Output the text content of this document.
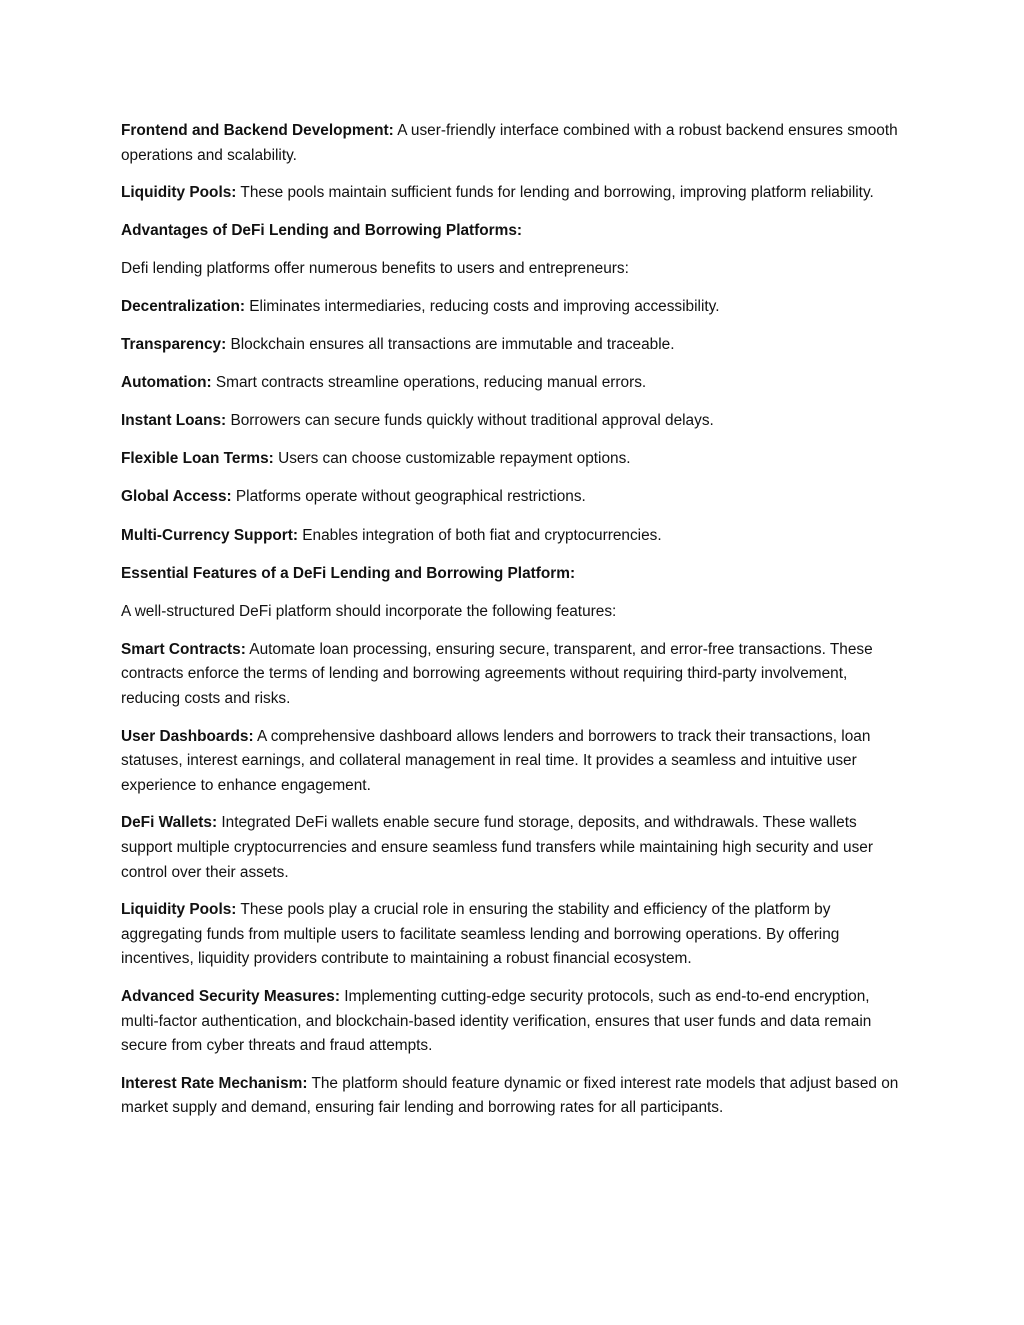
Frontend and Backend Development: A user-friendly interface combined with a robust backend ensures smooth operations and scalability.

Liquidity Pools: These pools maintain sufficient funds for lending and borrowing, improving platform reliability.

Advantages of DeFi Lending and Borrowing Platforms:

Defi lending platforms offer numerous benefits to users and entrepreneurs:

Decentralization: Eliminates intermediaries, reducing costs and improving accessibility.

Transparency: Blockchain ensures all transactions are immutable and traceable.

Automation: Smart contracts streamline operations, reducing manual errors.

Instant Loans: Borrowers can secure funds quickly without traditional approval delays.

Flexible Loan Terms: Users can choose customizable repayment options.

Global Access: Platforms operate without geographical restrictions.

Multi-Currency Support: Enables integration of both fiat and cryptocurrencies.

Essential Features of a DeFi Lending and Borrowing Platform:

A well-structured DeFi platform should incorporate the following features:

Smart Contracts: Automate loan processing, ensuring secure, transparent, and error-free transactions. These contracts enforce the terms of lending and borrowing agreements without requiring third-party involvement, reducing costs and risks.

User Dashboards: A comprehensive dashboard allows lenders and borrowers to track their transactions, loan statuses, interest earnings, and collateral management in real time. It provides a seamless and intuitive user experience to enhance engagement.

DeFi Wallets: Integrated DeFi wallets enable secure fund storage, deposits, and withdrawals. These wallets support multiple cryptocurrencies and ensure seamless fund transfers while maintaining high security and user control over their assets.

Liquidity Pools: These pools play a crucial role in ensuring the stability and efficiency of the platform by aggregating funds from multiple users to facilitate seamless lending and borrowing operations. By offering incentives, liquidity providers contribute to maintaining a robust financial ecosystem.

Advanced Security Measures: Implementing cutting-edge security protocols, such as end-to-end encryption, multi-factor authentication, and blockchain-based identity verification, ensures that user funds and data remain secure from cyber threats and fraud attempts.

Interest Rate Mechanism: The platform should feature dynamic or fixed interest rate models that adjust based on market supply and demand, ensuring fair lending and borrowing rates for all participants.
